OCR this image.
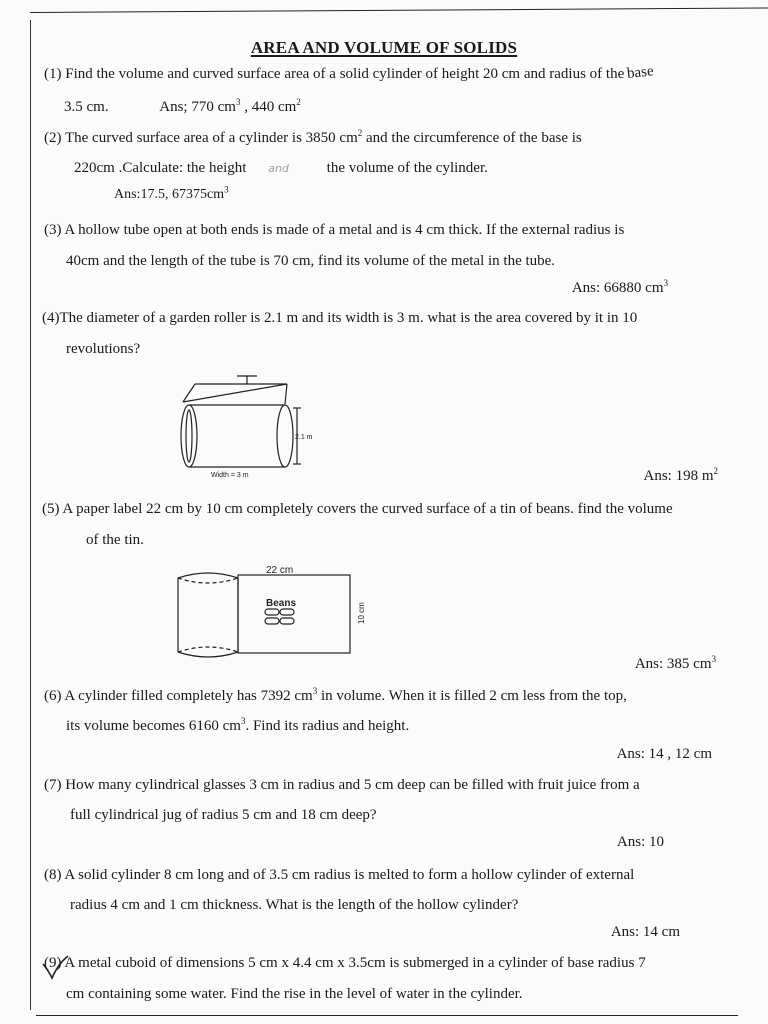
AREA AND VOLUME OF SOLIDS
(1) Find the volume and curved surface area of a solid cylinder of height 20 cm and radius of the base
3.5 cm.	Ans; 770 $cm^3$ , 440 $cm^2$
(2) The curved surface area of a cylinder is 3850 $cm^2$ and the circumference of the base is
220cm .Calculate: the height and	the volume of the cylinder.
Ans:17.5, $67375cm^3$
(3) A hollow tube open at both ends is made of a metal and is 4 cm thick. If the external radius is
40cm and the length of the tube is 70 cm, find its volume of the metal in the tube.
Ans: 66880 $cm^3$
(4)The diameter of a garden roller is 2.1 m and its width is 3 m. what is the area covered by it in 10
revolutions?
2.1 m
Width = 3 m	Ans: 198 $m^2$
(5) A paper label 22 cm by 10 cm completely covers the curved surface of a tin of beans. find the volume
of the tin.
22 cm
Beans	10 cm
Ans: 385 $cm^3$
(6) A cylinder filled completely has 7392 $cm^3$ in volume. When it is filled 2 cm less from the top,
its volume becomes 6160 $cm^3$. Find its radius and height.
Ans: 14 , 12 cm
(7) How many cylindrical glasses 3 cm in radius and 5 cm deep can be filled with fruit juice from a
full cylindrical jug of radius 5 cm and 18 cm deep?
Ans: 10
(8) A solid cylinder 8 cm long and of 3.5 cm radius is melted to form a hollow cylinder of external
radius 4 cm and 1 cm thickness. What is the length of the hollow cylinder?
Ans: 14 cm
(9) A metal cuboid of dimensions 5 cm x 4.4 cm x 3.5cm is submerged in a cylinder of base radius 7
cm containing some water. Find the rise in the level of water in the cylinder.
